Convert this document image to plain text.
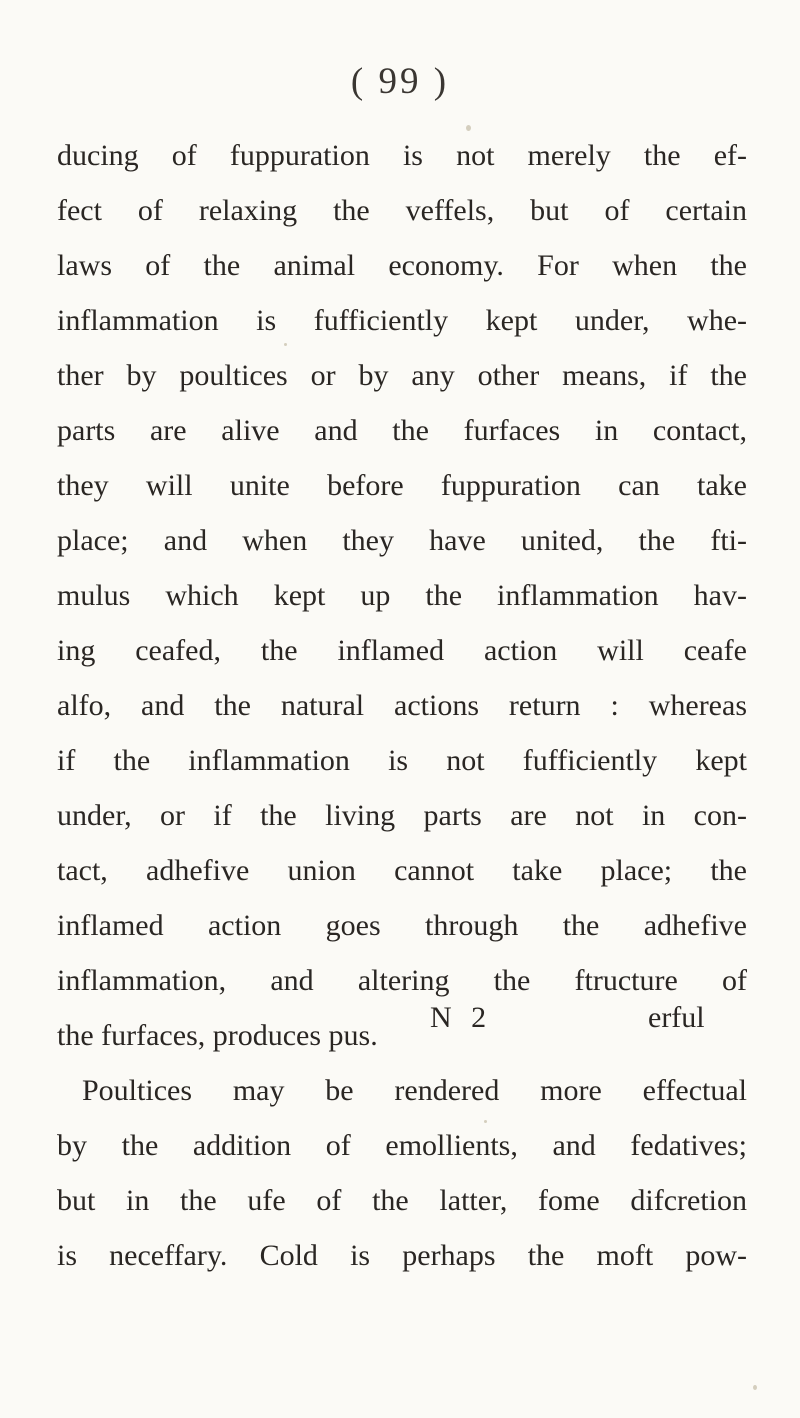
( 99 )
ducing of fuppuration is not merely the ef-
fect of relaxing the veffels, but of certain
laws of the animal economy. For when the
inflammation is fufficiently kept under, whe-
ther by poultices or by any other means, if the
parts are alive and the furfaces in contact,
they will unite before fuppuration can take
place; and when they have united, the fti-
mulus which kept up the inflammation hav-
ing ceafed, the inflamed action will ceafe
alfo, and the natural actions return : whereas
if the inflammation is not fufficiently kept
under, or if the living parts are not in con-
tact, adhefive union cannot take place; the
inflamed action goes through the adhefive
inflammation, and altering the ftructure of
the furfaces, produces pus.
Poultices may be rendered more effectual
by the addition of emollients, and fedatives;
but in the ufe of the latter, fome difcretion
is neceffary. Cold is perhaps the moft pow-
N 2	erful
